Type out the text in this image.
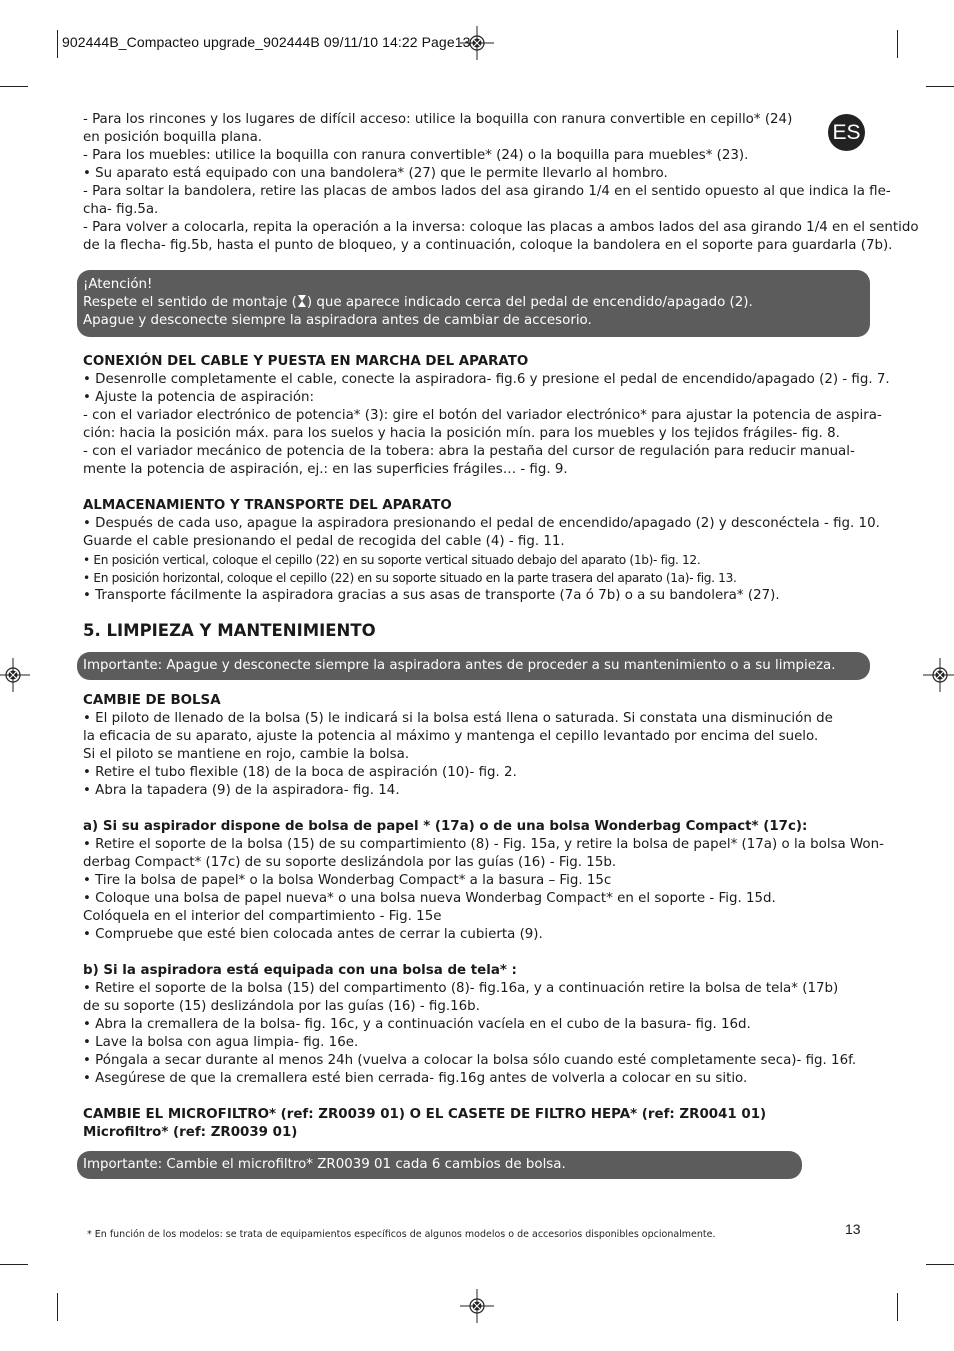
902444B_Compacteo upgrade_902444B 09/11/10 14:22 Page13
ES
- Para los rincones y los lugares de difícil acceso: utilice la boquilla con ranura convertible en cepillo* (24)
en posición boquilla plana.
- Para los muebles: utilice la boquilla con ranura convertible* (24) o la boquilla para muebles* (23).
• Su aparato está equipado con una bandolera* (27) que le permite llevarlo al hombro.
- Para soltar la bandolera, retire las placas de ambos lados del asa girando 1/4 en el sentido opuesto al que indica la fle-
cha- fig.5a.
- Para volver a colocarla, repita la operación a la inversa: coloque las placas a ambos lados del asa girando 1/4 en el sentido
de la flecha- fig.5b, hasta el punto de bloqueo, y a continuación, coloque la bandolera en el soporte para guardarla (7b).
¡Atención!
Respete el sentido de montaje ( ) que aparece indicado cerca del pedal de encendido/apagado (2).
Apague y desconecte siempre la aspiradora antes de cambiar de accesorio.
CONEXIÓN DEL CABLE Y PUESTA EN MARCHA DEL APARATO
• Desenrolle completamente el cable, conecte la aspiradora- fig.6 y presione el pedal de encendido/apagado (2) - fig. 7.
• Ajuste la potencia de aspiración:
- con el variador electrónico de potencia* (3): gire el botón del variador electrónico* para ajustar la potencia de aspira-
ción: hacia la posición máx. para los suelos y hacia la posición mín. para los muebles y los tejidos frágiles- fig. 8.
- con el variador mecánico de potencia de la tobera: abra la pestaña del cursor de regulación para reducir manual-
mente la potencia de aspiración, ej.: en las superficies frágiles… - fig. 9.
ALMACENAMIENTO Y TRANSPORTE DEL APARATO
• Después de cada uso, apague la aspiradora presionando el pedal de encendido/apagado (2) y desconéctela - fig. 10.
Guarde el cable presionando el pedal de recogida del cable (4) - fig. 11.
• En posición vertical, coloque el cepillo (22) en su soporte vertical situado debajo del aparato (1b)- fig. 12.
• En posición horizontal, coloque el cepillo (22) en su soporte situado en la parte trasera del aparato (1a)- fig. 13.
• Transporte fácilmente la aspiradora gracias a sus asas de transporte (7a ó 7b) o a su bandolera* (27).
5. LIMPIEZA Y MANTENIMIENTO
Importante: Apague y desconecte siempre la aspiradora antes de proceder a su mantenimiento o a su limpieza.
CAMBIE DE BOLSA
• El piloto de llenado de la bolsa (5) le indicará si la bolsa está llena o saturada. Si constata una disminución de
la eficacia de su aparato, ajuste la potencia al máximo y mantenga el cepillo levantado por encima del suelo.
Si el piloto se mantiene en rojo, cambie la bolsa.
• Retire el tubo flexible (18) de la boca de aspiración (10)- fig. 2.
• Abra la tapadera (9) de la aspiradora- fig. 14.
a) Si su aspirador dispone de bolsa de papel * (17a) o de una bolsa Wonderbag Compact* (17c):
• Retire el soporte de la bolsa (15) de su compartimiento (8) - Fig. 15a, y retire la bolsa de papel* (17a) o la bolsa Won-
derbag Compact* (17c) de su soporte deslizándola por las guías (16) - Fig. 15b.
• Tire la bolsa de papel* o la bolsa Wonderbag Compact* a la basura – Fig. 15c
• Coloque una bolsa de papel nueva* o una bolsa nueva Wonderbag Compact* en el soporte - Fig. 15d.
Colóquela en el interior del compartimiento - Fig. 15e
• Compruebe que esté bien colocada antes de cerrar la cubierta (9).
b) Si la aspiradora está equipada con una bolsa de tela* :
• Retire el soporte de la bolsa (15) del compartimento (8)- fig.16a, y a continuación retire la bolsa de tela* (17b)
de su soporte (15) deslizándola por las guías (16) - fig.16b.
• Abra la cremallera de la bolsa- fig. 16c, y a continuación vacíela en el cubo de la basura- fig. 16d.
• Lave la bolsa con agua limpia- fig. 16e.
• Póngala a secar durante al menos 24h (vuelva a colocar la bolsa sólo cuando esté completamente seca)- fig. 16f.
• Asegúrese de que la cremallera esté bien cerrada- fig.16g antes de volverla a colocar en su sitio.
CAMBIE EL MICROFILTRO* (ref: ZR0039 01) O EL CASETE DE FILTRO HEPA* (ref: ZR0041 01)
Microfiltro* (ref: ZR0039 01)
Importante: Cambie el microfiltro* ZR0039 01 cada 6 cambios de bolsa.
* En función de los modelos: se trata de equipamientos específicos de algunos modelos o de accesorios disponibles opcionalmente.	13
